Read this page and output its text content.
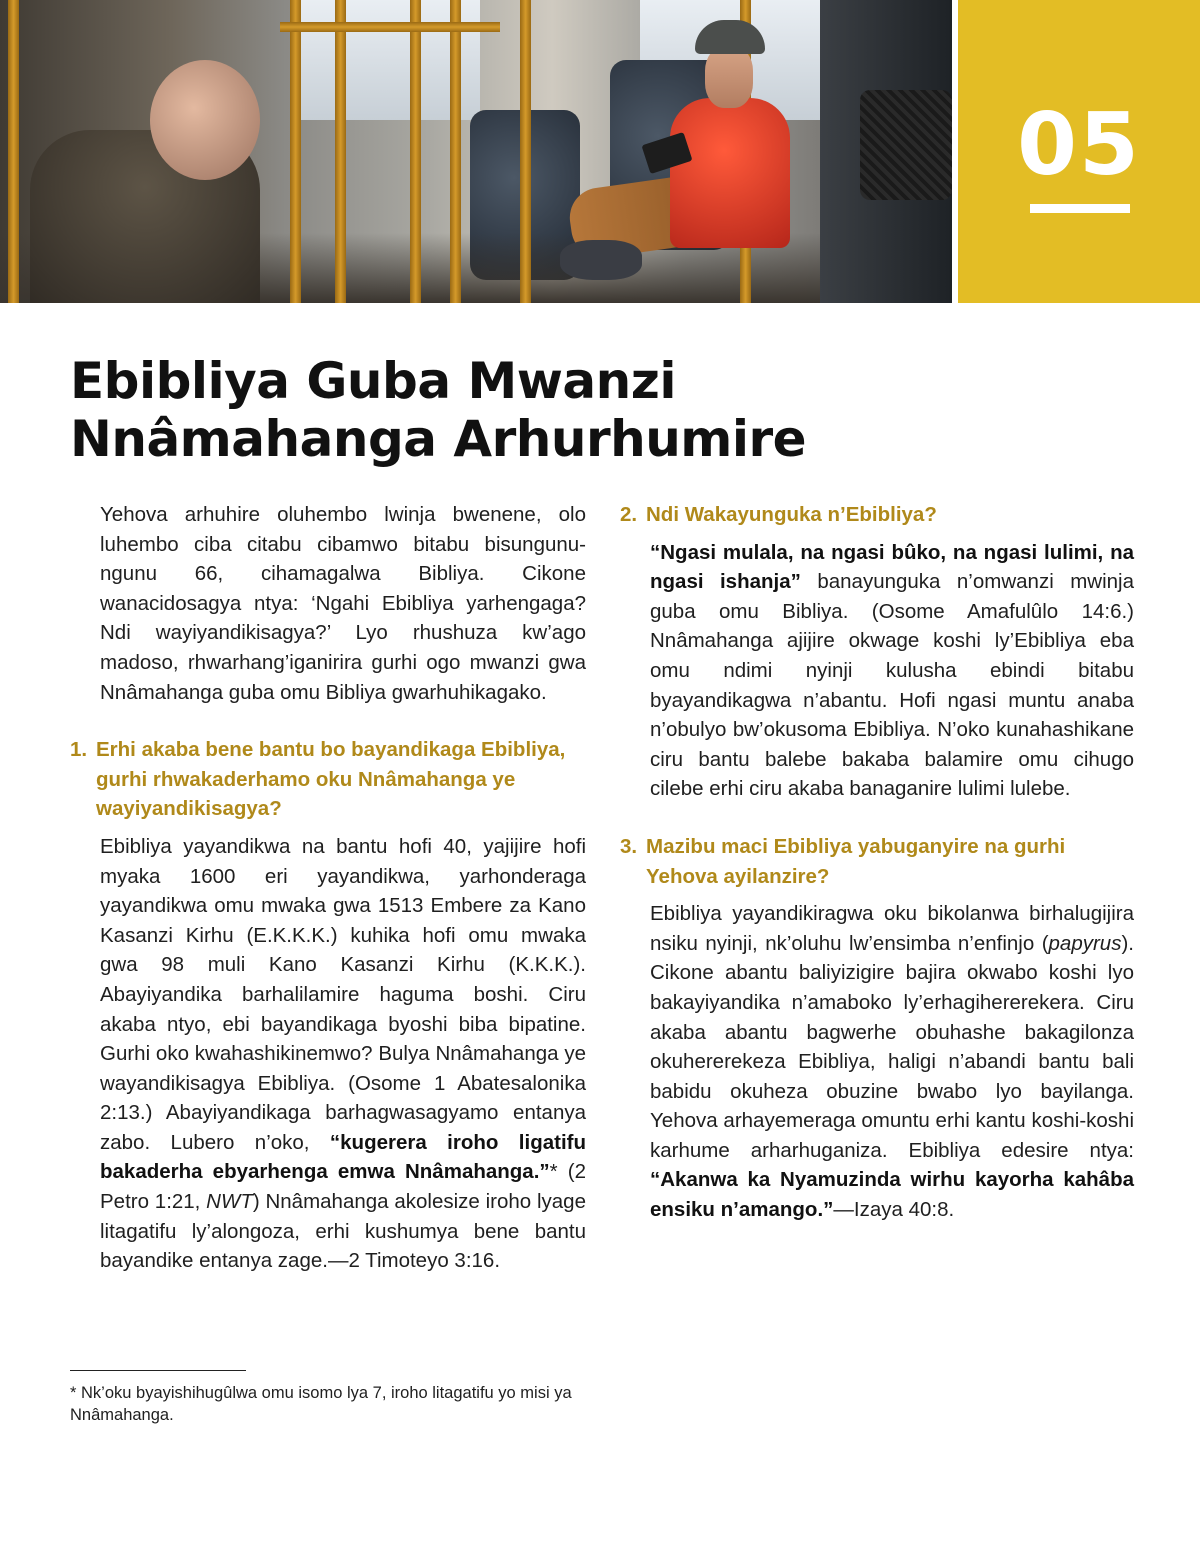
05
Ebibliya Guba Mwanzi
Nnâmahanga Arhurhumire

Yehova arhuhire oluhembo lwinja bwenene, olo luhembo ciba citabu cibamwo bitabu bisungunu-ngunu 66, cihamagalwa Bibliya. Cikone wanacidosagya ntya: ‘Ngahi Ebibliya yarhengaga? Ndi wayiyandikisagya?’ Lyo rhushuza kw’ago madoso, rhwarhang’iganirira gurhi ogo mwanzi gwa Nnâmahanga guba omu Bibliya gwarhuhikagako.

1. Erhi akaba bene bantu bo bayandikaga Ebibliya, gurhi rhwakaderhamo oku Nnâmahanga ye wayiyandikisagya?

Ebibliya yayandikwa na bantu hofi 40, yajijire hofi myaka 1600 eri yayandikwa, yarhonderaga yayandikwa omu mwaka gwa 1513 Embere za Kano Kasanzi Kirhu (E.K.K.K.) kuhika hofi omu mwaka gwa 98 muli Kano Kasanzi Kirhu (K.K.K.). Abayiyandika barhalilamire haguma boshi. Ciru akaba ntyo, ebi bayandikaga byoshi biba bipatine. Gurhi oko kwahashikinemwo? Bulya Nnâmahanga ye wayandikisagya Ebibliya. (Osome 1 Abatesalonika 2:13.) Abayiyandikaga barhagwasagyamo entanya zabo. Lubero n’oko, “kugerera iroho ligatifu bakaderha ebyarhenga emwa Nnâmahanga.”* (2 Petro 1:21, NWT) Nnâmahanga akolesize iroho lyage litagatifu ly’alongoza, erhi kushumya bene bantu bayandike entanya zage.—2 Timoteyo 3:16.

2. Ndi Wakayunguka n’Ebibliya?

“Ngasi mulala, na ngasi bûko, na ngasi lulimi, na ngasi ishanja” banayunguka n’omwanzi mwinja guba omu Bibliya. (Osome Amafulûlo 14:6.) Nnâmahanga ajijire okwage koshi ly’Ebibliya eba omu ndimi nyinji kulusha ebindi bitabu byayandikagwa n’abantu. Hofi ngasi muntu anaba n’obulyo bw’okusoma Ebibliya. N’oko kunahashikane ciru bantu balebe bakaba balamire omu cihugo cilebe erhi ciru akaba banaganire lulimi lulebe.

3. Mazibu maci Ebibliya yabuganyire na gurhi Yehova ayilanzire?

Ebibliya yayandikiragwa oku bikolanwa birhalugijira nsiku nyinji, nk’oluhu lw’ensimba n’enfinjo (papyrus). Cikone abantu baliyizigire bajira okwabo koshi lyo bakayiyandika n’amaboko ly’erhagihererekera. Ciru akaba abantu bagwerhe obuhashe bakagilonza okuhererekeza Ebibliya, haligi n’abandi bantu bali babidu okuheza obuzine bwabo lyo bayilanga. Yehova arhayemeraga omuntu erhi kantu koshi-koshi karhume arharhuganiza. Ebibliya edesire ntya: “Akanwa ka Nyamuzinda wirhu kayorha kahâba ensiku n’amango.”—Izaya 40:8.

* Nk’oku byayishihugûlwa omu isomo lya 7, iroho litagatifu yo misi ya Nnâmahanga.
